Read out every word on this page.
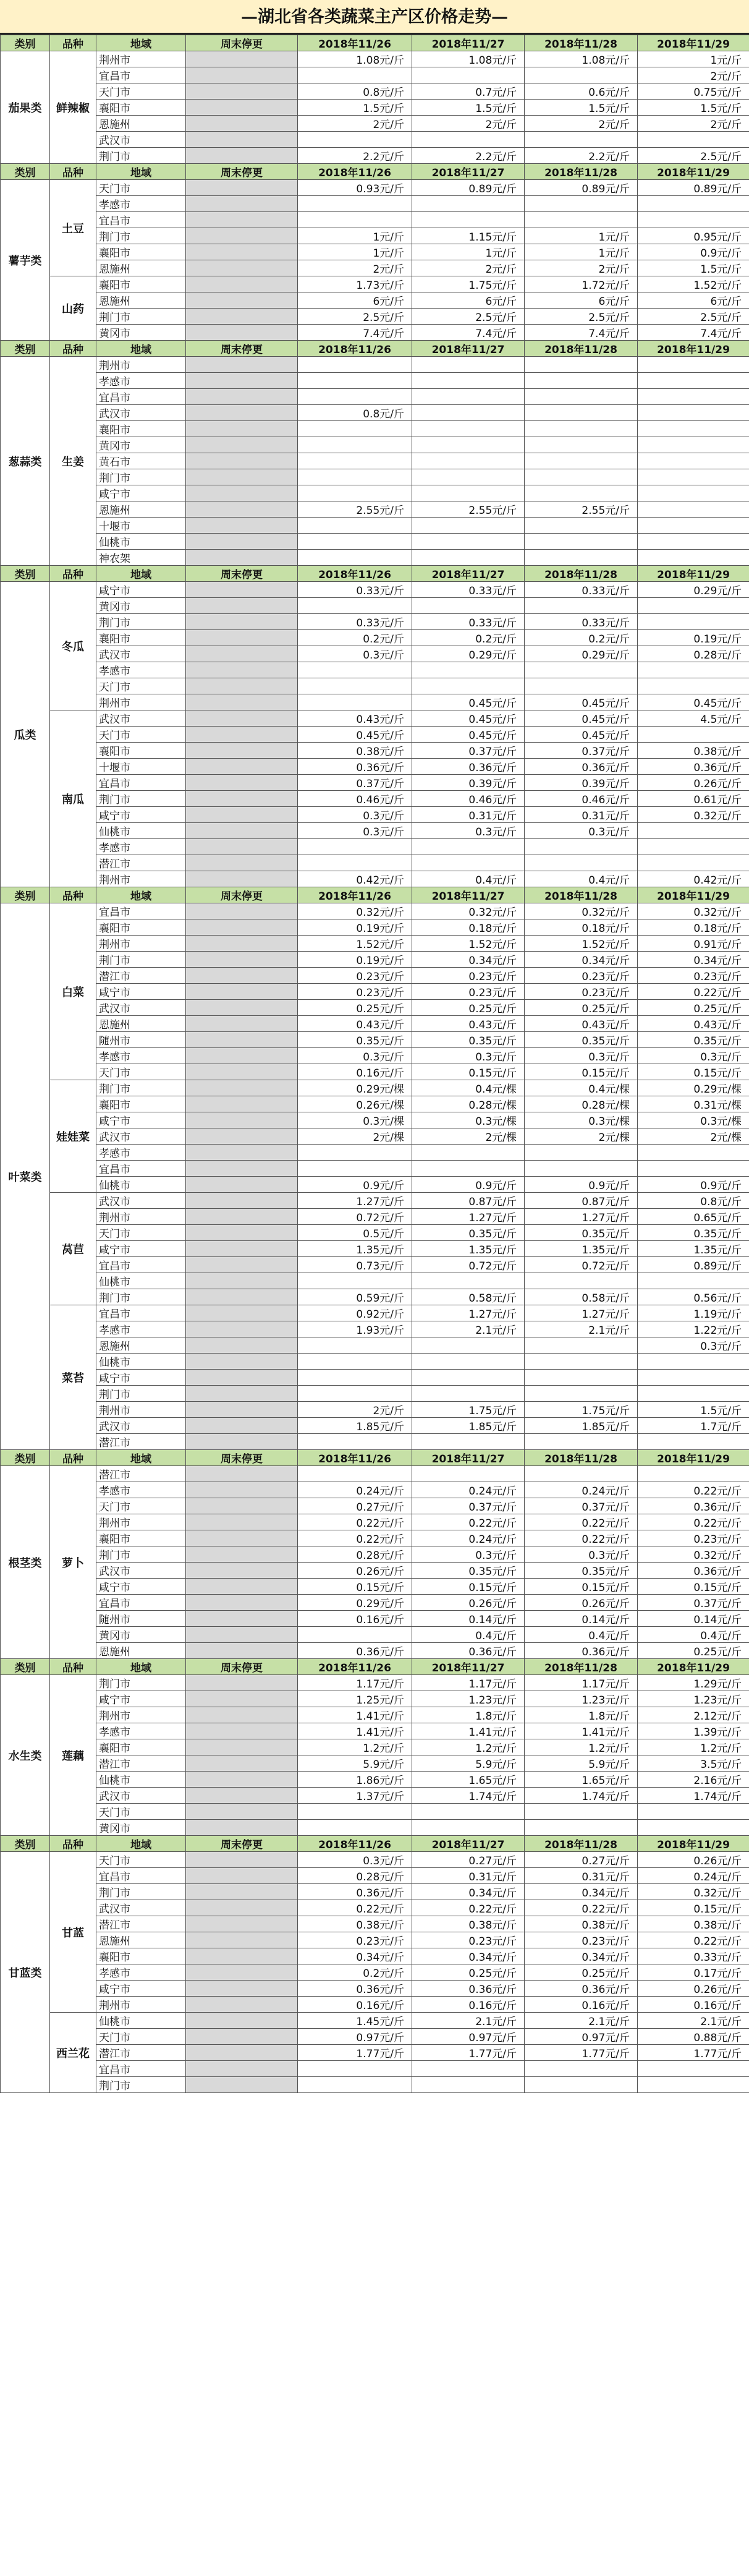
—湖北省各类蔬菜主产区价格走势—
类别	品种	地域	周末停更	2018年11/26	2018年11/27	2018年11/28	2018年11/29
茄果类	鲜辣椒	荆州市		1.08元/斤	1.08元/斤	1.08元/斤	1元/斤
		宜昌市					2元/斤
		天门市		0.8元/斤	0.7元/斤	0.6元/斤	0.75元/斤
		襄阳市		1.5元/斤	1.5元/斤	1.5元/斤	1.5元/斤
		恩施州		2元/斤	2元/斤	2元/斤	2元/斤
		武汉市					
		荆门市		2.2元/斤	2.2元/斤	2.2元/斤	2.5元/斤
类别	品种	地域	周末停更	2018年11/26	2018年11/27	2018年11/28	2018年11/29
薯芋类	土豆	天门市		0.93元/斤	0.89元/斤	0.89元/斤	0.89元/斤
		孝感市					
		宜昌市					
		荆门市		1元/斤	1.15元/斤	1元/斤	0.95元/斤
		襄阳市		1元/斤	1元/斤	1元/斤	0.9元/斤
		恩施州		2元/斤	2元/斤	2元/斤	1.5元/斤
	山药	襄阳市		1.73元/斤	1.75元/斤	1.72元/斤	1.52元/斤
		恩施州		6元/斤	6元/斤	6元/斤	6元/斤
		荆门市		2.5元/斤	2.5元/斤	2.5元/斤	2.5元/斤
		黄冈市		7.4元/斤	7.4元/斤	7.4元/斤	7.4元/斤
类别	品种	地域	周末停更	2018年11/26	2018年11/27	2018年11/28	2018年11/29
葱蒜类	生姜	荆州市					
		孝感市					
		宜昌市					
		武汉市		0.8元/斤			
		襄阳市					
		黄冈市					
		黄石市					
		荆门市					
		咸宁市					
		恩施州		2.55元/斤	2.55元/斤	2.55元/斤	
		十堰市					
		仙桃市					
		神农架					
类别	品种	地域	周末停更	2018年11/26	2018年11/27	2018年11/28	2018年11/29
瓜类	冬瓜	咸宁市		0.33元/斤	0.33元/斤	0.33元/斤	0.29元/斤
		黄冈市					
		荆门市		0.33元/斤	0.33元/斤	0.33元/斤	
		襄阳市		0.2元/斤	0.2元/斤	0.2元/斤	0.19元/斤
		武汉市		0.3元/斤	0.29元/斤	0.29元/斤	0.28元/斤
		孝感市					
		天门市					
		荆州市			0.45元/斤	0.45元/斤	0.45元/斤
	南瓜	武汉市		0.43元/斤	0.45元/斤	0.45元/斤	4.5元/斤
		天门市		0.45元/斤	0.45元/斤	0.45元/斤	
		襄阳市		0.38元/斤	0.37元/斤	0.37元/斤	0.38元/斤
		十堰市		0.36元/斤	0.36元/斤	0.36元/斤	0.36元/斤
		宜昌市		0.37元/斤	0.39元/斤	0.39元/斤	0.26元/斤
		荆门市		0.46元/斤	0.46元/斤	0.46元/斤	0.61元/斤
		咸宁市		0.3元/斤	0.31元/斤	0.31元/斤	0.32元/斤
		仙桃市		0.3元/斤	0.3元/斤	0.3元/斤	
		孝感市					
		潜江市					
		荆州市		0.42元/斤	0.4元/斤	0.4元/斤	0.42元/斤
类别	品种	地域	周末停更	2018年11/26	2018年11/27	2018年11/28	2018年11/29
叶菜类	白菜	宜昌市		0.32元/斤	0.32元/斤	0.32元/斤	0.32元/斤
		襄阳市		0.19元/斤	0.18元/斤	0.18元/斤	0.18元/斤
		荆州市		1.52元/斤	1.52元/斤	1.52元/斤	0.91元/斤
		荆门市		0.19元/斤	0.34元/斤	0.34元/斤	0.34元/斤
		潜江市		0.23元/斤	0.23元/斤	0.23元/斤	0.23元/斤
		咸宁市		0.23元/斤	0.23元/斤	0.23元/斤	0.22元/斤
		武汉市		0.25元/斤	0.25元/斤	0.25元/斤	0.25元/斤
		恩施州		0.43元/斤	0.43元/斤	0.43元/斤	0.43元/斤
		随州市		0.35元/斤	0.35元/斤	0.35元/斤	0.35元/斤
		孝感市		0.3元/斤	0.3元/斤	0.3元/斤	0.3元/斤
		天门市		0.16元/斤	0.15元/斤	0.15元/斤	0.15元/斤
	娃娃菜	荆门市		0.29元/棵	0.4元/棵	0.4元/棵	0.29元/棵
		襄阳市		0.26元/棵	0.28元/棵	0.28元/棵	0.31元/棵
		咸宁市		0.3元/棵	0.3元/棵	0.3元/棵	0.3元/棵
		武汉市		2元/棵	2元/棵	2元/棵	2元/棵
		孝感市					
		宜昌市					
		仙桃市		0.9元/斤	0.9元/斤	0.9元/斤	0.9元/斤
	莴苣	武汉市		1.27元/斤	0.87元/斤	0.87元/斤	0.8元/斤
		荆州市		0.72元/斤	1.27元/斤	1.27元/斤	0.65元/斤
		天门市		0.5元/斤	0.35元/斤	0.35元/斤	0.35元/斤
		咸宁市		1.35元/斤	1.35元/斤	1.35元/斤	1.35元/斤
		宜昌市		0.73元/斤	0.72元/斤	0.72元/斤	0.89元/斤
		仙桃市					
		荆门市		0.59元/斤	0.58元/斤	0.58元/斤	0.56元/斤
	菜苔	宜昌市		0.92元/斤	1.27元/斤	1.27元/斤	1.19元/斤
		孝感市		1.93元/斤	2.1元/斤	2.1元/斤	1.22元/斤
		恩施州					0.3元/斤
		仙桃市					
		咸宁市					
		荆门市					
		荆州市		2元/斤	1.75元/斤	1.75元/斤	1.5元/斤
		武汉市		1.85元/斤	1.85元/斤	1.85元/斤	1.7元/斤
		潜江市					
类别	品种	地域	周末停更	2018年11/26	2018年11/27	2018年11/28	2018年11/29
根茎类	萝卜	潜江市					
		孝感市		0.24元/斤	0.24元/斤	0.24元/斤	0.22元/斤
		天门市		0.27元/斤	0.37元/斤	0.37元/斤	0.36元/斤
		荆州市		0.22元/斤	0.22元/斤	0.22元/斤	0.22元/斤
		襄阳市		0.22元/斤	0.24元/斤	0.22元/斤	0.23元/斤
		荆门市		0.28元/斤	0.3元/斤	0.3元/斤	0.32元/斤
		武汉市		0.26元/斤	0.35元/斤	0.35元/斤	0.36元/斤
		咸宁市		0.15元/斤	0.15元/斤	0.15元/斤	0.15元/斤
		宜昌市		0.29元/斤	0.26元/斤	0.26元/斤	0.37元/斤
		随州市		0.16元/斤	0.14元/斤	0.14元/斤	0.14元/斤
		黄冈市			0.4元/斤	0.4元/斤	0.4元/斤
		恩施州		0.36元/斤	0.36元/斤	0.36元/斤	0.25元/斤
类别	品种	地域	周末停更	2018年11/26	2018年11/27	2018年11/28	2018年11/29
水生类	莲藕	荆门市		1.17元/斤	1.17元/斤	1.17元/斤	1.29元/斤
		咸宁市		1.25元/斤	1.23元/斤	1.23元/斤	1.23元/斤
		荆州市		1.41元/斤	1.8元/斤	1.8元/斤	2.12元/斤
		孝感市		1.41元/斤	1.41元/斤	1.41元/斤	1.39元/斤
		襄阳市		1.2元/斤	1.2元/斤	1.2元/斤	1.2元/斤
		潜江市		5.9元/斤	5.9元/斤	5.9元/斤	3.5元/斤
		仙桃市		1.86元/斤	1.65元/斤	1.65元/斤	2.16元/斤
		武汉市		1.37元/斤	1.74元/斤	1.74元/斤	1.74元/斤
		天门市					
		黄冈市					
类别	品种	地域	周末停更	2018年11/26	2018年11/27	2018年11/28	2018年11/29
甘蓝类	甘蓝	天门市		0.3元/斤	0.27元/斤	0.27元/斤	0.26元/斤
		宜昌市		0.28元/斤	0.31元/斤	0.31元/斤	0.24元/斤
		荆门市		0.36元/斤	0.34元/斤	0.34元/斤	0.32元/斤
		武汉市		0.22元/斤	0.22元/斤	0.22元/斤	0.15元/斤
		潜江市		0.38元/斤	0.38元/斤	0.38元/斤	0.38元/斤
		恩施州		0.23元/斤	0.23元/斤	0.23元/斤	0.22元/斤
		襄阳市		0.34元/斤	0.34元/斤	0.34元/斤	0.33元/斤
		孝感市		0.2元/斤	0.25元/斤	0.25元/斤	0.17元/斤
		咸宁市		0.36元/斤	0.36元/斤	0.36元/斤	0.26元/斤
		荆州市		0.16元/斤	0.16元/斤	0.16元/斤	0.16元/斤
	西兰花	仙桃市		1.45元/斤	2.1元/斤	2.1元/斤	2.1元/斤
		天门市		0.97元/斤	0.97元/斤	0.97元/斤	0.88元/斤
		潜江市		1.77元/斤	1.77元/斤	1.77元/斤	1.77元/斤
		宜昌市					
		荆门市					
